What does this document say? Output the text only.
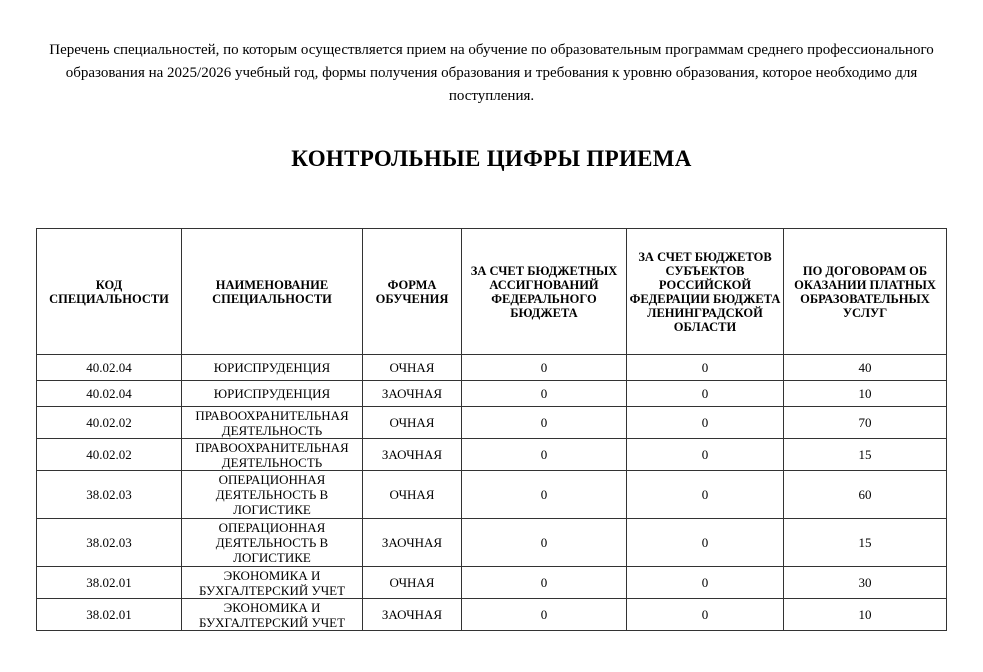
Перечень специальностей, по которым осуществляется прием на обучение по образовательным программам среднего профессионального образования на 2025/2026 учебный год, формы получения образования и требования к уровню образования, которое необходимо для поступления.

КОНТРОЛЬНЫЕ ЦИФРЫ ПРИЕМА
КОД СПЕЦИАЛЬНОСТИ	НАИМЕНОВАНИЕ СПЕЦИАЛЬНОСТИ	ФОРМА ОБУЧЕНИЯ	ЗА СЧЕТ БЮДЖЕТНЫХ АССИГНОВАНИЙ ФЕДЕРАЛЬНОГО БЮДЖЕТА	ЗА СЧЕТ БЮДЖЕТОВ СУБЪЕКТОВ РОССИЙСКОЙ ФЕДЕРАЦИИ БЮДЖЕТА ЛЕНИНГРАДСКОЙ ОБЛАСТИ	ПО ДОГОВОРАМ ОБ ОКАЗАНИИ ПЛАТНЫХ ОБРАЗОВАТЕЛЬНЫХ УСЛУГ
40.02.04	ЮРИСПРУДЕНЦИЯ	ОЧНАЯ	0	0	40
40.02.04	ЮРИСПРУДЕНЦИЯ	ЗАОЧНАЯ	0	0	10
40.02.02	ПРАВООХРАНИТЕЛЬНАЯ ДЕЯТЕЛЬНОСТЬ	ОЧНАЯ	0	0	70
40.02.02	ПРАВООХРАНИТЕЛЬНАЯ ДЕЯТЕЛЬНОСТЬ	ЗАОЧНАЯ	0	0	15
38.02.03	ОПЕРАЦИОННАЯ ДЕЯТЕЛЬНОСТЬ В ЛОГИСТИКЕ	ОЧНАЯ	0	0	60
38.02.03	ОПЕРАЦИОННАЯ ДЕЯТЕЛЬНОСТЬ В ЛОГИСТИКЕ	ЗАОЧНАЯ	0	0	15
38.02.01	ЭКОНОМИКА И БУХГАЛТЕРСКИЙ УЧЕТ	ОЧНАЯ	0	0	30
38.02.01	ЭКОНОМИКА И БУХГАЛТЕРСКИЙ УЧЕТ	ЗАОЧНАЯ	0	0	10
